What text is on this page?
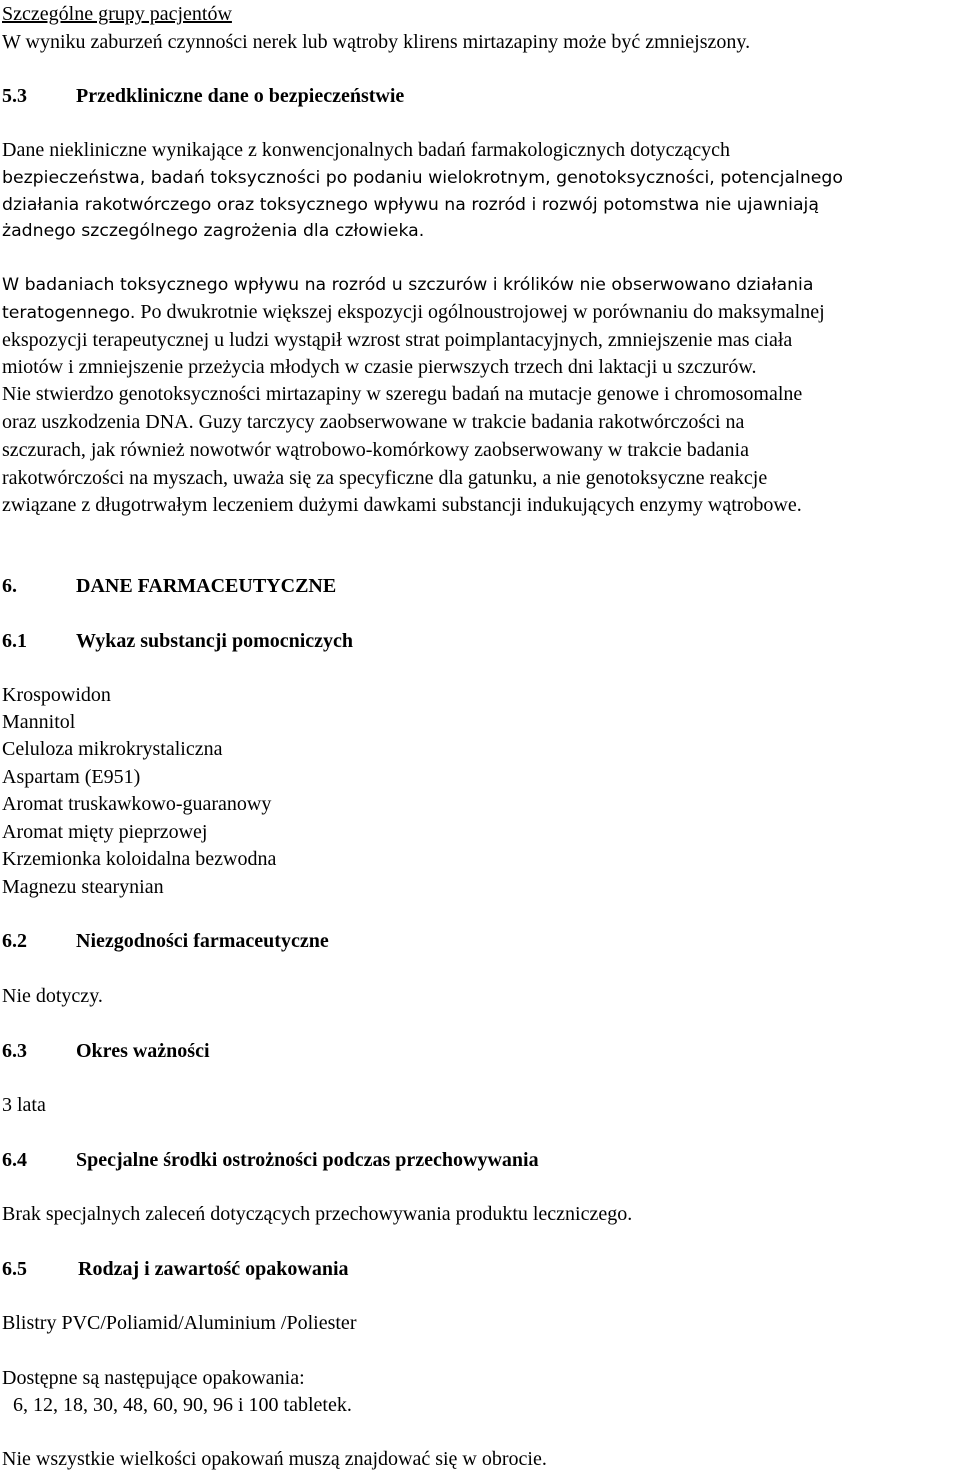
Szczególne grupy pacjentów
W wyniku zaburzeń czynności nerek lub wątroby klirens mirtazapiny może być zmniejszony.
5.3 Przedkliniczne dane o bezpieczeństwie
Dane niekliniczne wynikające z konwencjonalnych badań farmakologicznych dotyczących
bezpieczeństwa, badań toksyczności po podaniu wielokrotnym, genotoksyczności, potencjalnego
działania rakotwórczego oraz toksycznego wpływu na rozród i rozwój potomstwa nie ujawniają
żadnego szczególnego zagrożenia dla człowieka.
W badaniach toksycznego wpływu na rozród u szczurów i królików nie obserwowano działania
teratogennego. Po dwukrotnie większej ekspozycji ogólnoustrojowej w porównaniu do maksymalnej
ekspozycji terapeutycznej u ludzi wystąpił wzrost strat poimplantacyjnych, zmniejszenie mas ciała
miotów i zmniejszenie przeżycia młodych w czasie pierwszych trzech dni laktacji u szczurów.
Nie stwierdzo genotoksyczności mirtazapiny w szeregu badań na mutacje genowe i chromosomalne
oraz uszkodzenia DNA. Guzy tarczycy zaobserwowane w trakcie badania rakotwórczości na
szczurach, jak również nowotwór wątrobowo-komórkowy zaobserwowany w trakcie badania
rakotwórczości na myszach, uważa się za specyficzne dla gatunku, a nie genotoksyczne reakcje
związane z długotrwałym leczeniem dużymi dawkami substancji indukujących enzymy wątrobowe.
6.	DANE FARMACEUTYCZNE
6.1 Wykaz substancji pomocniczych
Krospowidon
Mannitol
Celuloza mikrokrystaliczna
Aspartam (E951)
Aromat truskawkowo-guaranowy
Aromat mięty pieprzowej
Krzemionka koloidalna bezwodna
Magnezu stearynian
6.2 Niezgodności farmaceutyczne
Nie dotyczy.
6.3 Okres ważności
3 lata
6.4 Specjalne środki ostrożności podczas przechowywania
Brak specjalnych zaleceń dotyczących przechowywania produktu leczniczego.
6.5	Rodzaj i zawartość opakowania
Blistry PVC/Poliamid/Aluminium /Poliester
Dostępne są następujące opakowania:
6, 12, 18, 30, 48, 60, 90, 96 i 100 tabletek.
Nie wszystkie wielkości opakowań muszą znajdować się w obrocie.
